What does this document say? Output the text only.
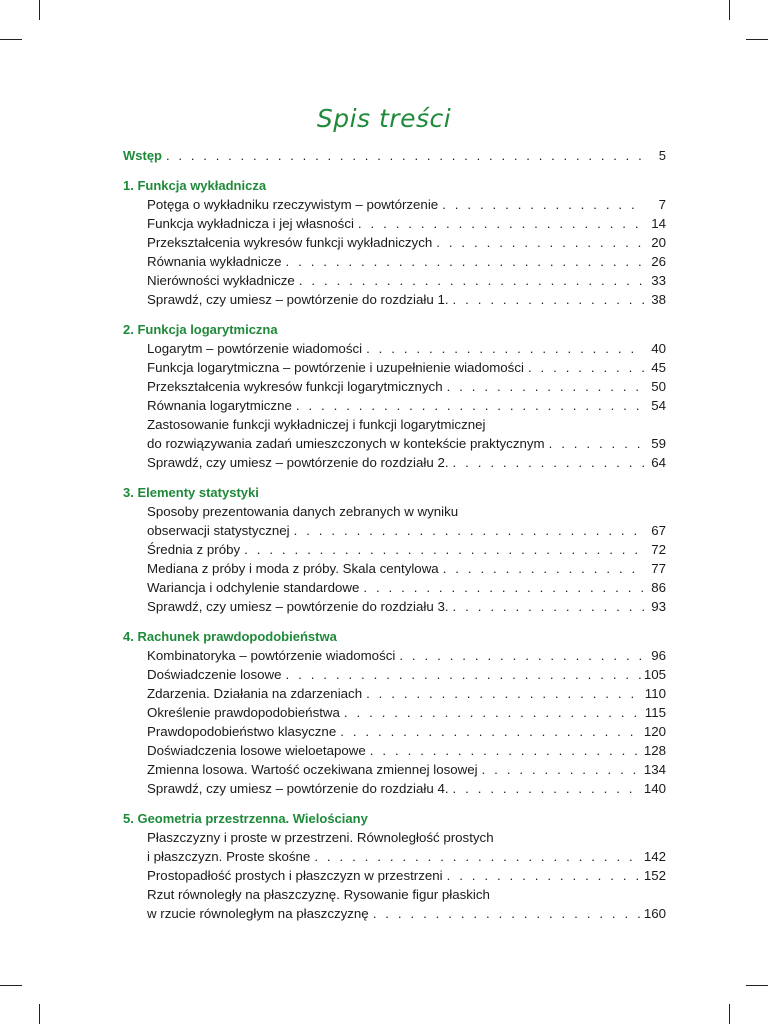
Spis treści
Wstęp . . .	5
1. Funkcja wykładnicza
Potęga o wykładniku rzeczywistym – powtórzenie . . .	7
Funkcja wykładnicza i jej własności . . .	14
Przekształcenia wykresów funkcji wykładniczych . . .	20
Równania wykładnicze . . .	26
Nierówności wykładnicze . . .	33
Sprawdź, czy umiesz – powtórzenie do rozdziału 1. . . .	38
2. Funkcja logarytmiczna
Logarytm – powtórzenie wiadomości . . .	40
Funkcja logarytmiczna – powtórzenie i uzupełnienie wiadomości . . .	45
Przekształcenia wykresów funkcji logarytmicznych . . .	50
Równania logarytmiczne . . .	54
Zastosowanie funkcji wykładniczej i funkcji logarytmicznej
do rozwiązywania zadań umieszczonych w kontekście praktycznym . . .	59
Sprawdź, czy umiesz – powtórzenie do rozdziału 2. . . .	64
3. Elementy statystyki
Sposoby prezentowania danych zebranych w wyniku
obserwacji statystycznej . . .	67
Średnia z próby . . .	72
Mediana z próby i moda z próby. Skala centylowa . . .	77
Wariancja i odchylenie standardowe . . .	86
Sprawdź, czy umiesz – powtórzenie do rozdziału 3. . . .	93
4. Rachunek prawdopodobieństwa
Kombinatoryka – powtórzenie wiadomości . . .	96
Doświadczenie losowe . . .	105
Zdarzenia. Działania na zdarzeniach . . .	110
Określenie prawdopodobieństwa . . .	115
Prawdopodobieństwo klasyczne . . .	120
Doświadczenia losowe wieloetapowe . . .	128
Zmienna losowa. Wartość oczekiwana zmiennej losowej . . .	134
Sprawdź, czy umiesz – powtórzenie do rozdziału 4. . . .	140
5. Geometria przestrzenna. Wielościany
Płaszczyzny i proste w przestrzeni. Równoległość prostych
i płaszczyzn. Proste skośne . . .	142
Prostopadłość prostych i płaszczyzn w przestrzeni . . .	152
Rzut równoległy na płaszczyznę. Rysowanie figur płaskich
w rzucie równoległym na płaszczyznę . . .	160
